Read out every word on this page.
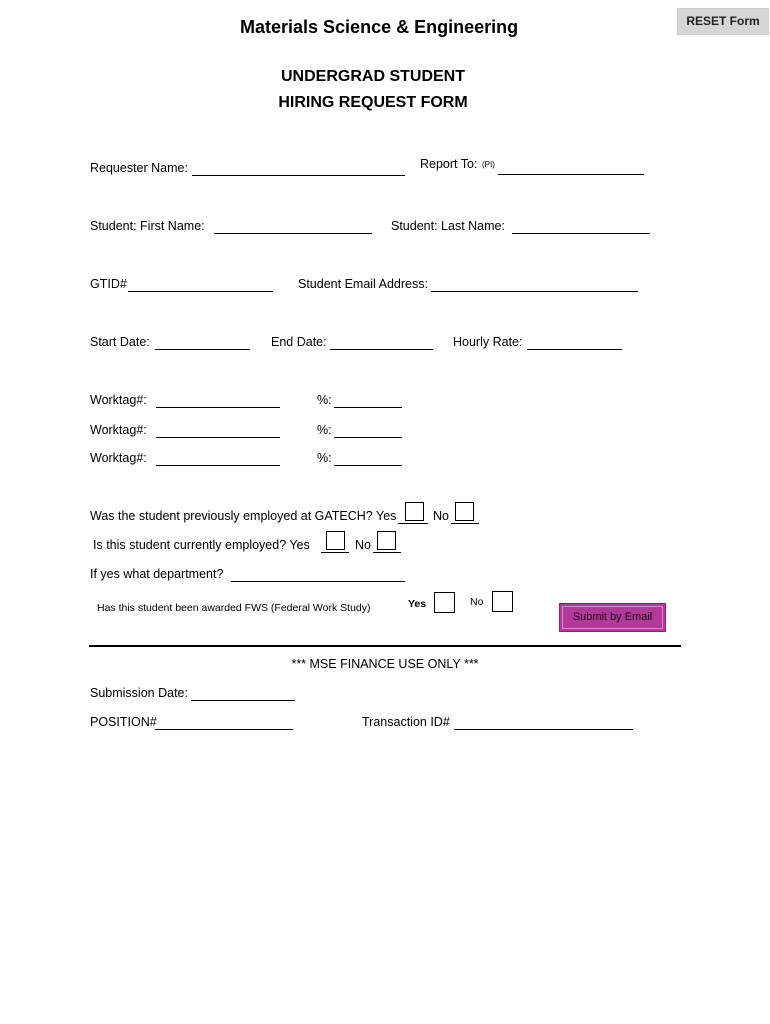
RESET Form
Materials Science & Engineering
UNDERGRAD STUDENT
HIRING REQUEST FORM
Requester Name:	Report To: (PI)
Student: First Name:	Student: Last Name:
GTID#	Student Email Address:
Start Date:	End Date:	Hourly Rate:
Worktag#:	%:
Worktag#:	%:
Worktag#:	%:
Was the student previously employed at GATECH? Yes	No
Is this student currently employed? Yes	No
If yes what department?
Has this student been awarded FWS (Federal Work Study)	Yes	No
Submit by Email
*** MSE FINANCE USE ONLY ***
Submission Date:
POSITION#	Transaction ID#
